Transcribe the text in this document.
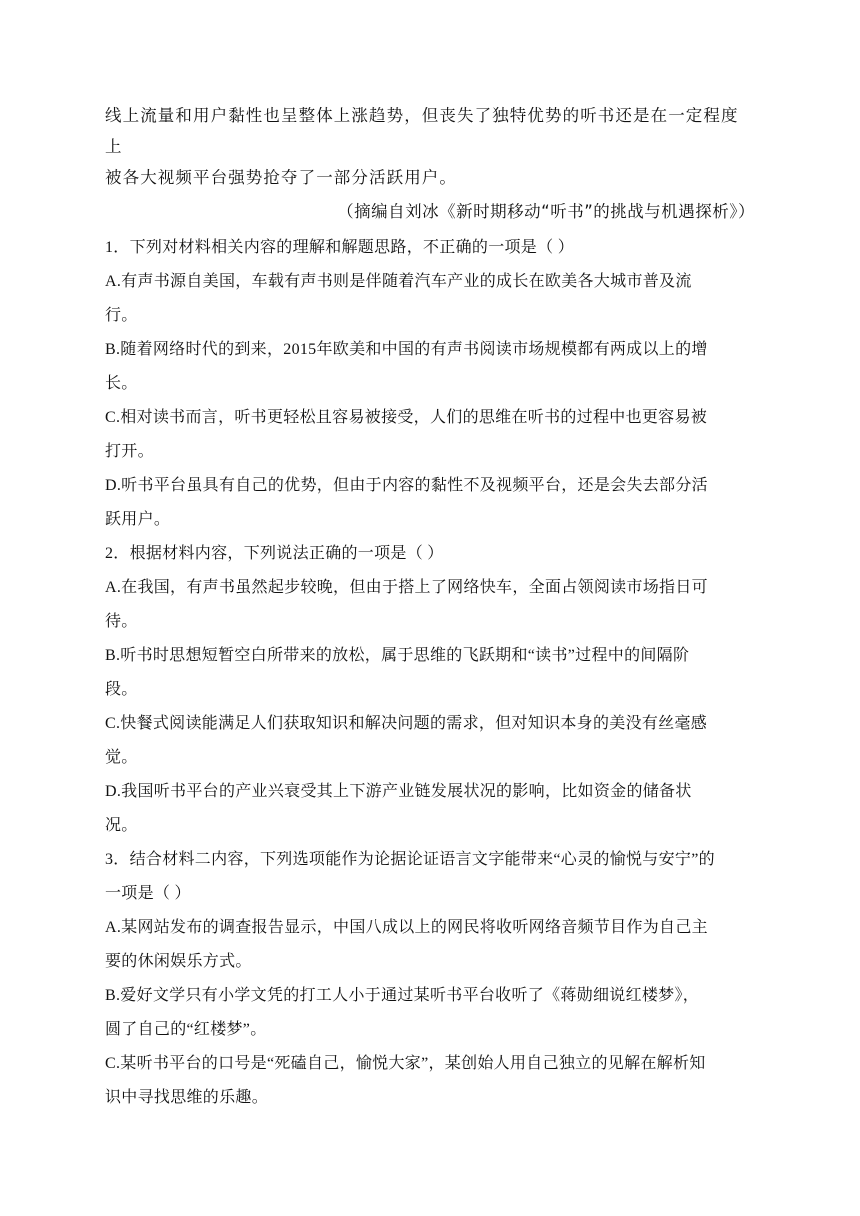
线上流量和用户黏性也呈整体上涨趋势，但丧失了独特优势的听书还是在一定程度上

被各大视频平台强势抢夺了一部分活跃用户。

（摘编自刘冰《新时期移动“听书”的挑战与机遇探析》）

1．下列对材料相关内容的理解和解题思路，不正确的一项是（ ）

A.有声书源自美国，车载有声书则是伴随着汽车产业的成长在欧美各大城市普及流

行。

B.随着网络时代的到来，2015年欧美和中国的有声书阅读市场规模都有两成以上的增

长。

C.相对读书而言，听书更轻松且容易被接受，人们的思维在听书的过程中也更容易被

打开。

D.听书平台虽具有自己的优势，但由于内容的黏性不及视频平台，还是会失去部分活

跃用户。

2．根据材料内容，下列说法正确的一项是（ ）

A.在我国，有声书虽然起步较晚，但由于搭上了网络快车，全面占领阅读市场指日可

待。

B.听书时思想短暂空白所带来的放松，属于思维的飞跃期和“读书”过程中的间隔阶

段。

C.快餐式阅读能满足人们获取知识和解决问题的需求，但对知识本身的美没有丝毫感

觉。

D.我国听书平台的产业兴衰受其上下游产业链发展状况的影响，比如资金的储备状

况。

3．结合材料二内容，下列选项能作为论据论证语言文字能带来“心灵的愉悦与安宁”的

一项是（ ）

A.某网站发布的调查报告显示，中国八成以上的网民将收听网络音频节目作为自己主

要的休闲娱乐方式。

B.爱好文学只有小学文凭的打工人小于通过某听书平台收听了《蒋勋细说红楼梦》，

圆了自己的“红楼梦”。

C.某听书平台的口号是“死磕自己，愉悦大家”，某创始人用自己独立的见解在解析知

识中寻找思维的乐趣。
